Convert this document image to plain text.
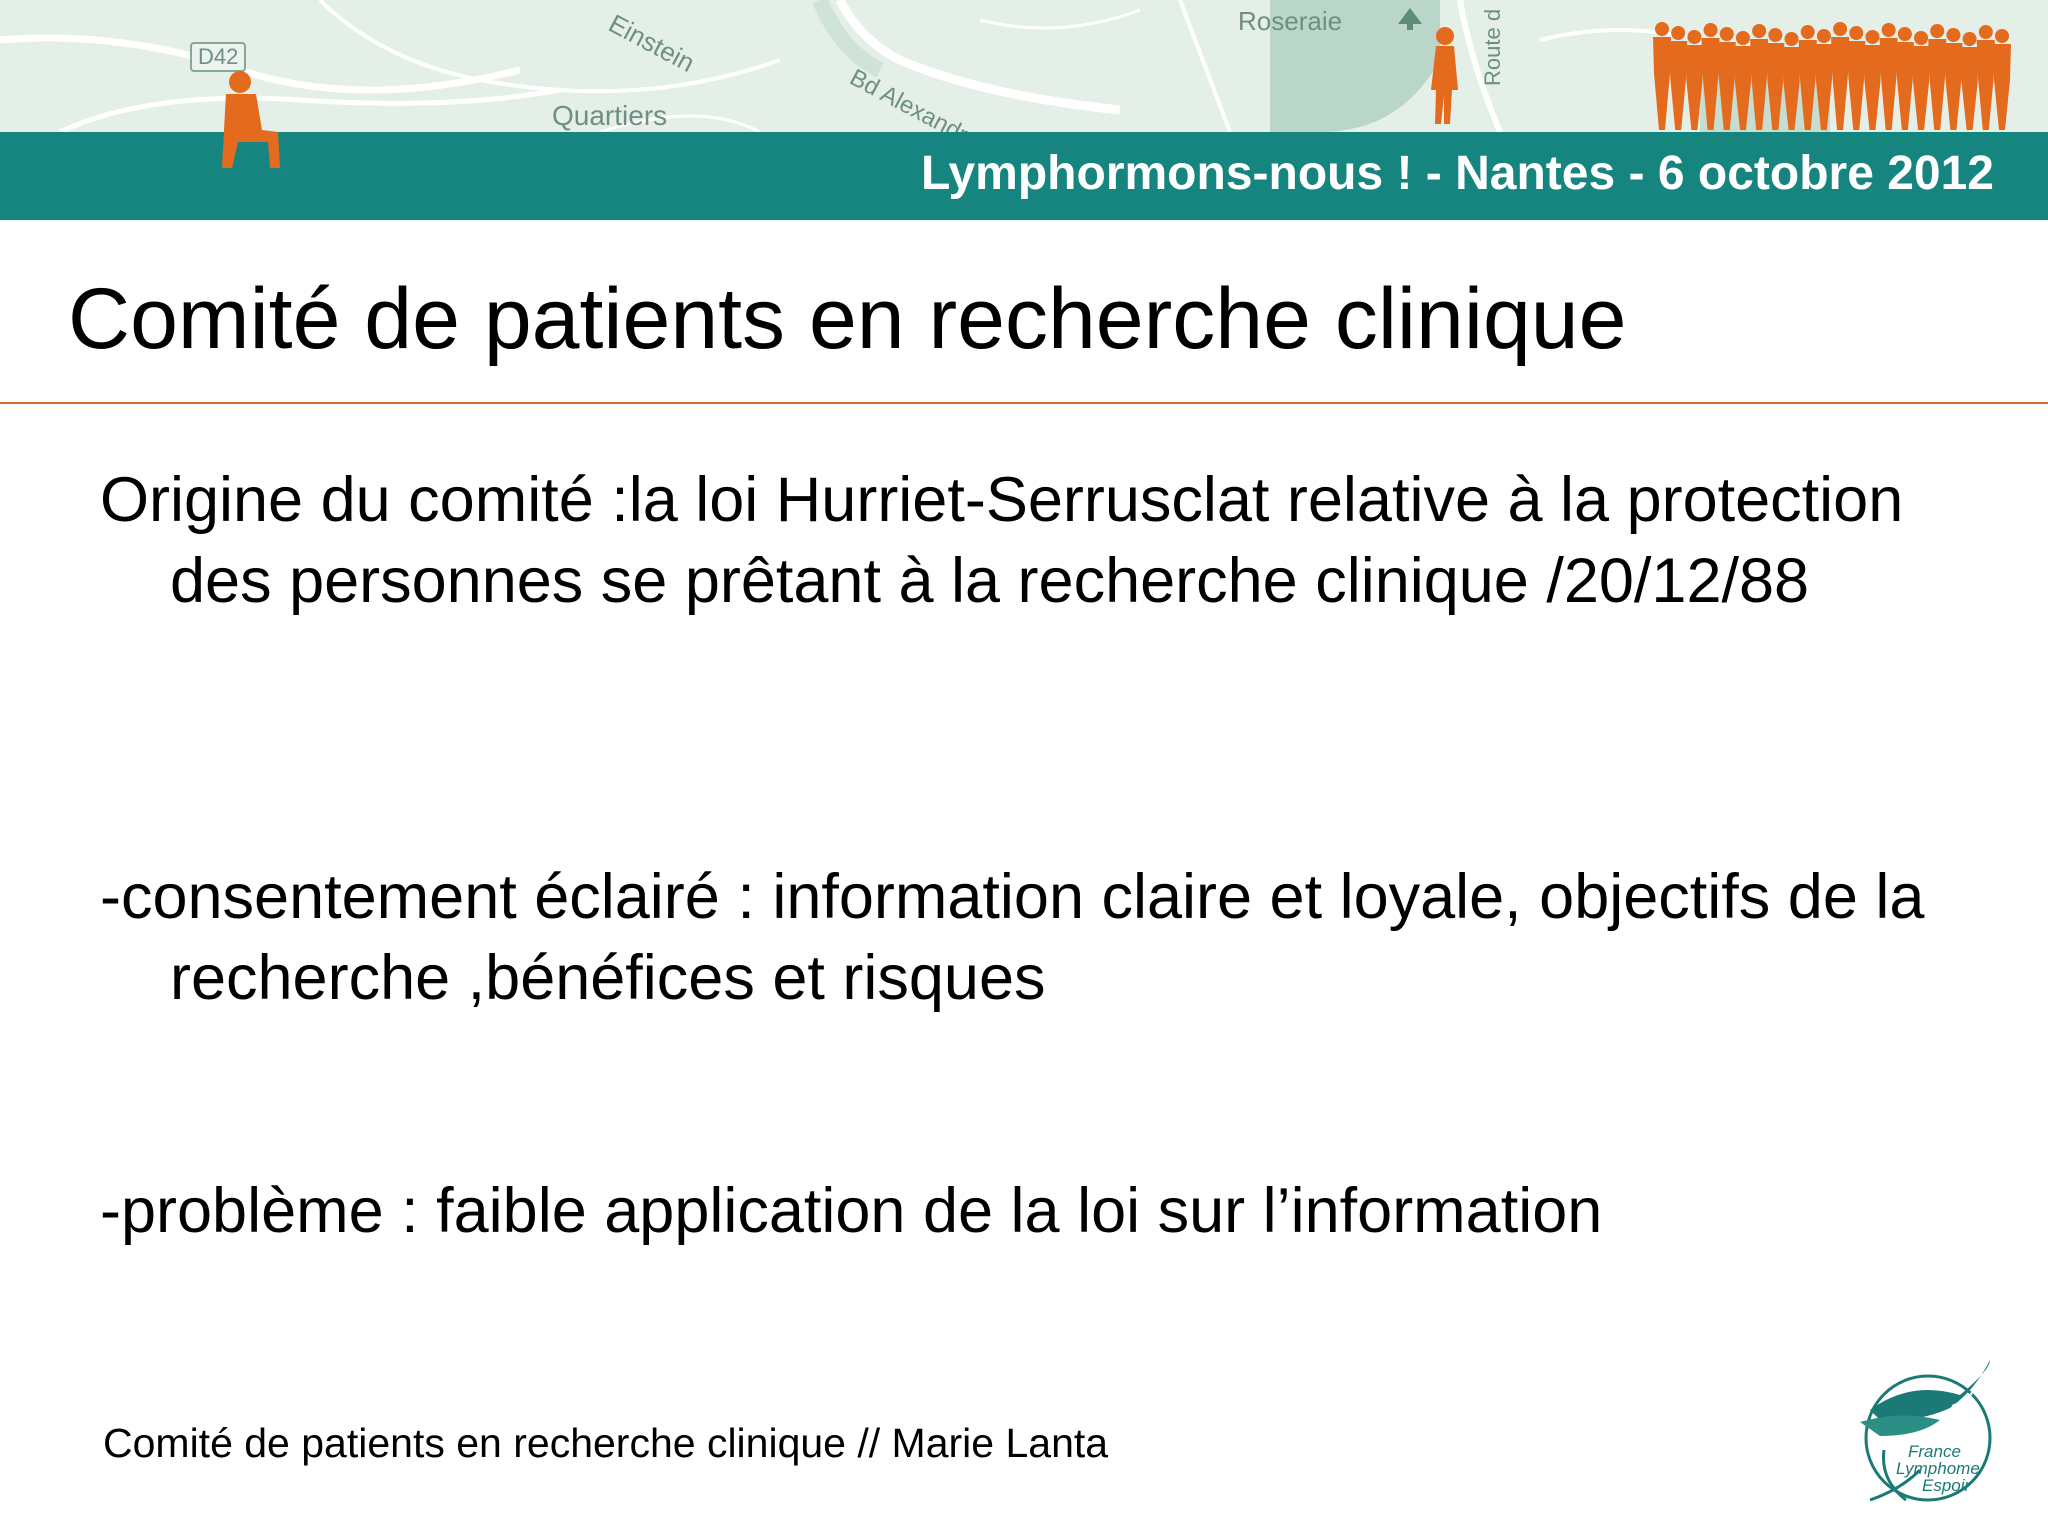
D42	Einstein
Quartiers
Roseraie	Route d
Lymphormons-nous ! - Nantes - 6 octobre 2012
Comité de patients en recherche clinique
Origine du comité :la loi Hurriet-Serrusclat relative à la protection des personnes se prêtant à la recherche clinique /20/12/88
-consentement éclairé : information claire et loyale, objectifs de la recherche ,bénéfices et risques
-problème : faible application de la loi sur l’information
Comité de patients en recherche clinique // Marie Lanta	France
Lymphome
Espoir
